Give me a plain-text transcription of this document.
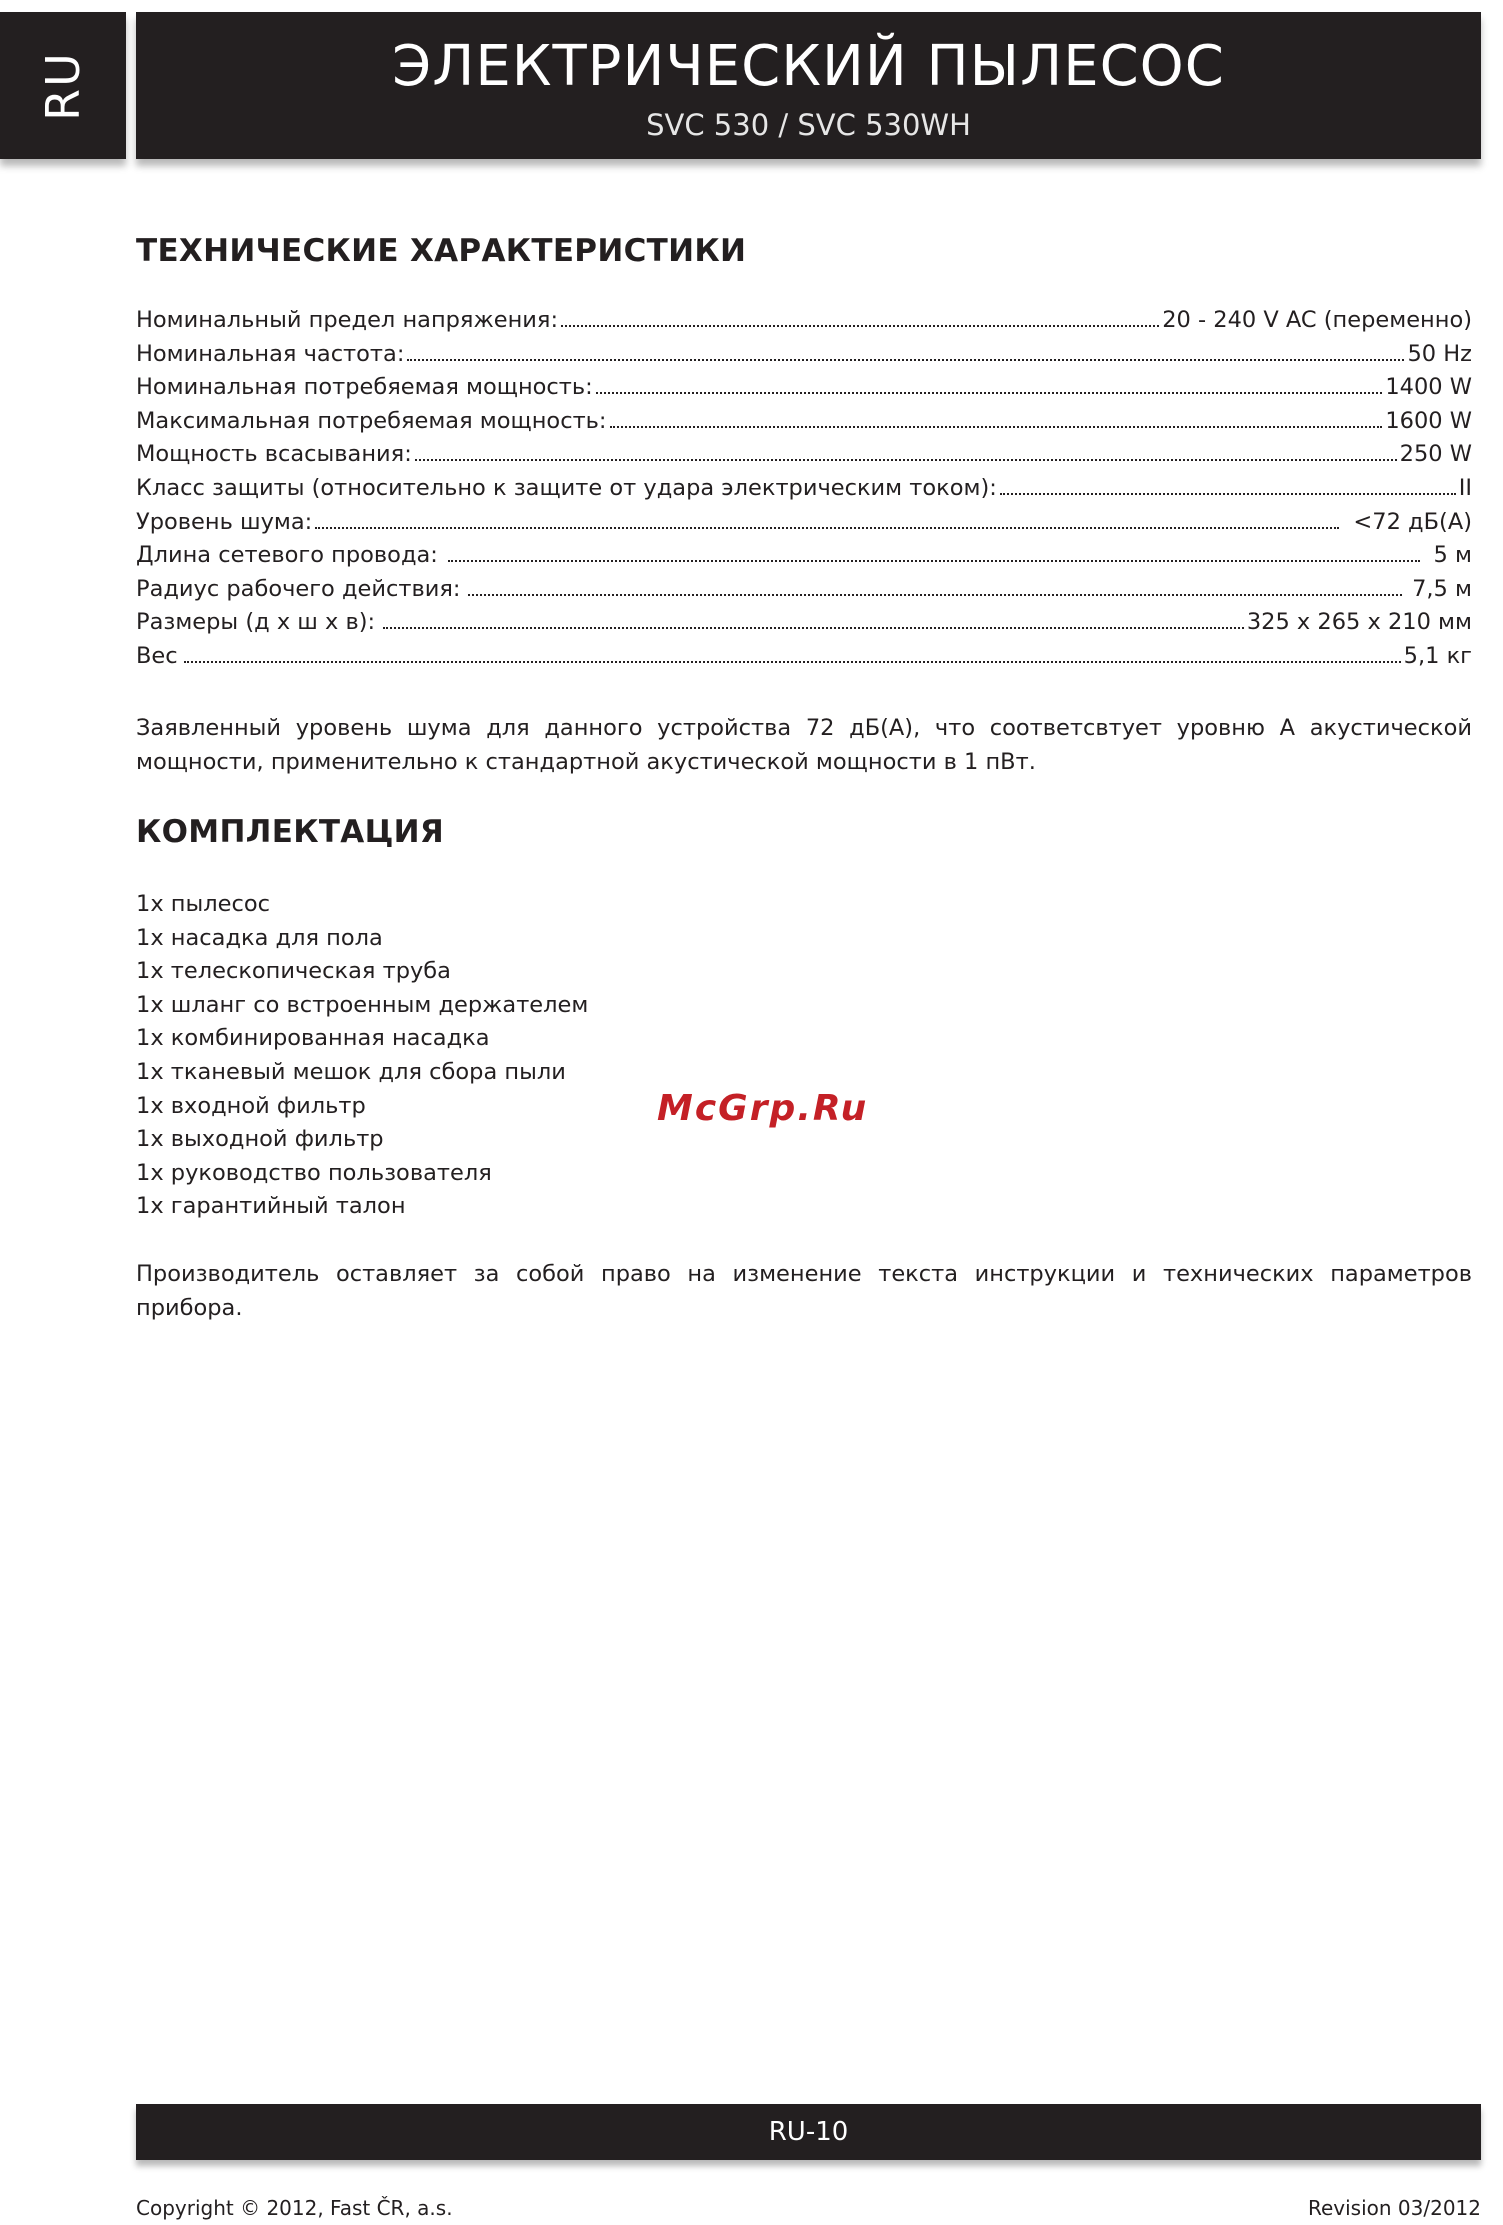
RU	ЭЛЕКТРИЧЕСКИЙ ПЫЛЕСОС
SVC 530 / SVC 530WH
ТЕХНИЧЕСКИЕ ХАРАКТЕРИСТИКИ
Номинальный предел напряжения:	20 - 240 V AC (переменно)
Номинальная частота:	50 Hz
Номинальная потребяемая мощность:	1400 W
Максимальная потребяемая мощность:	1600 W
Мощность всасывания:	250 W
Класс защиты (относительно к защите от удара электрическим током):	II
Уровень шума:	<72 дБ(А)
Длина сетевого провода:	5 м
Радиус рабочего действия:	7,5 м
Размеры (д x ш x в):	325 x 265 x 210 мм
Вес	5,1 кг

Заявленный уровень шума для данного устройства 72 дБ(А), что соответсвтует уровню А акустической мощности, применительно к стандартной акустической мощности в 1 пВт.

КОМПЛЕКТАЦИЯ
1x пылесос
1x насадка для пола
1x телескопическая труба
1x шланг со встроенным держателем
1x комбинированная насадка
1x тканевый мешок для сбора пыли
1x входной фильтр
1x выходной фильтр
1x руководство пользователя
1x гарантийный талон

Производитель оставляет за собой право на изменение текста инструкции и технических параметров прибора.

McGrp.Ru
RU-10
Copyright © 2012, Fast ČR, a.s.	Revision 03/2012
